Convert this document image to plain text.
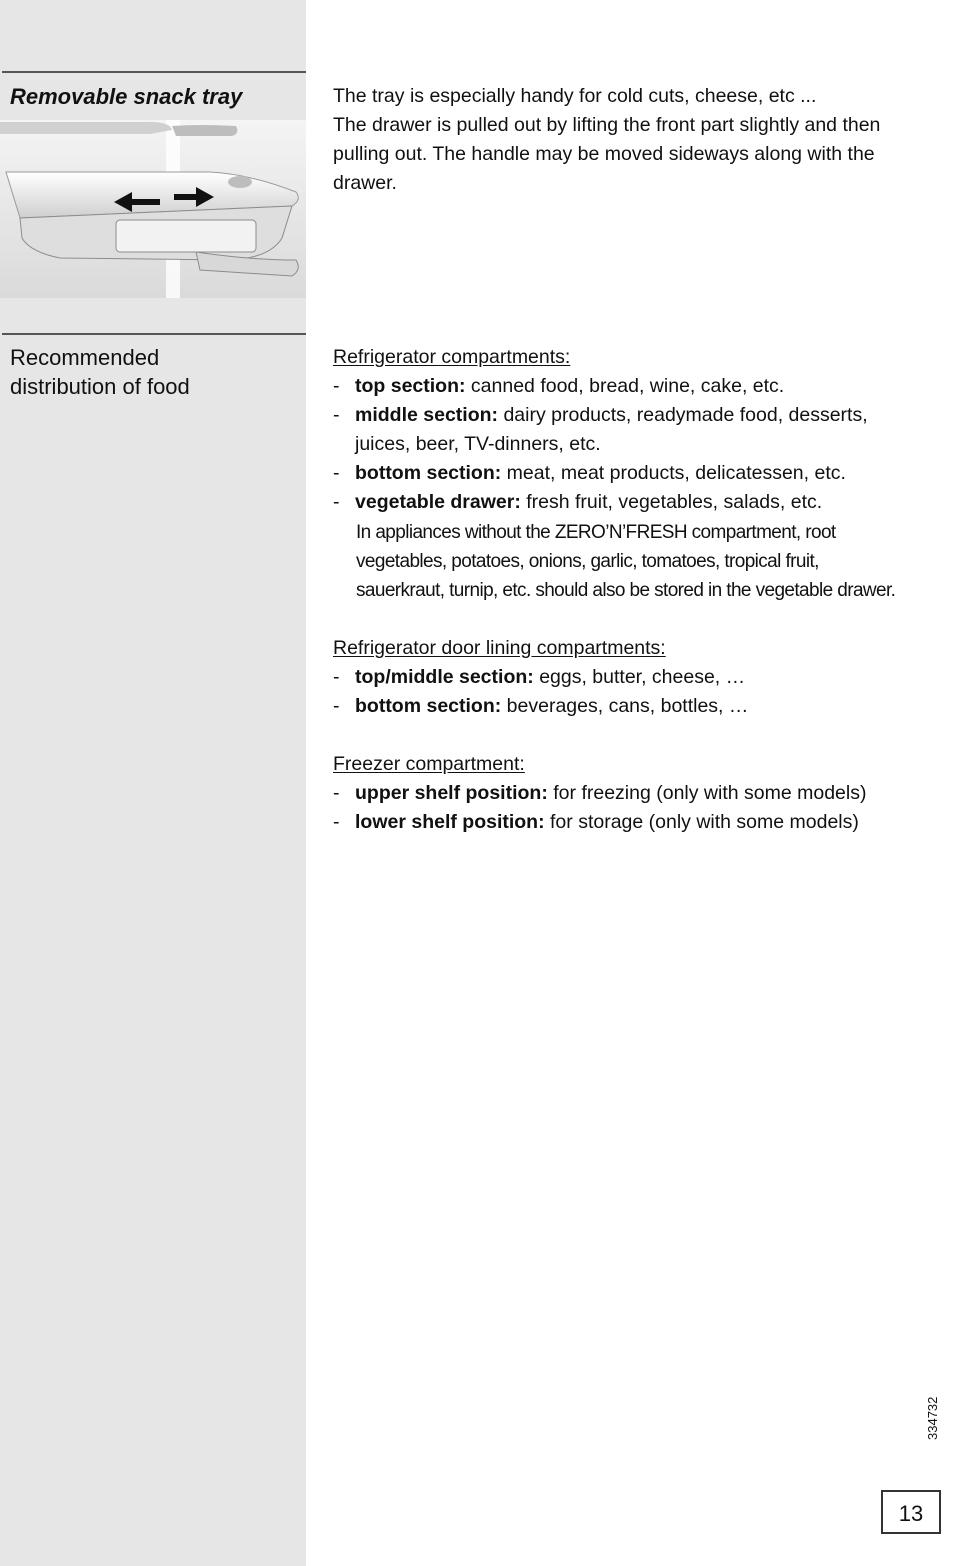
Removable snack tray	The tray is especially handy for cold cuts, cheese, etc ...
The drawer is pulled out by lifting the front part slightly and then
pulling out. The handle may be moved sideways along with the
drawer.
Recommended
distribution of food
Refrigerator compartments:
- top section: canned food, bread, wine, cake, etc.
- middle section: dairy products, readymade food, desserts,
juices, beer, TV-dinners, etc.
- bottom section: meat, meat products, delicatessen, etc.
- vegetable drawer: fresh fruit, vegetables, salads, etc.
In appliances without the ZERO’N’FRESH compartment, root
vegetables, potatoes, onions, garlic, tomatoes, tropical fruit,
sauerkraut, turnip, etc. should also be stored in the vegetable drawer.
Refrigerator door lining compartments:
- top/middle section: eggs, butter, cheese, …
- bottom section: beverages, cans, bottles, …
Freezer compartment:
- upper shelf position: for freezing (only with some models)
- lower shelf position: for storage (only with some models)
334732
13
